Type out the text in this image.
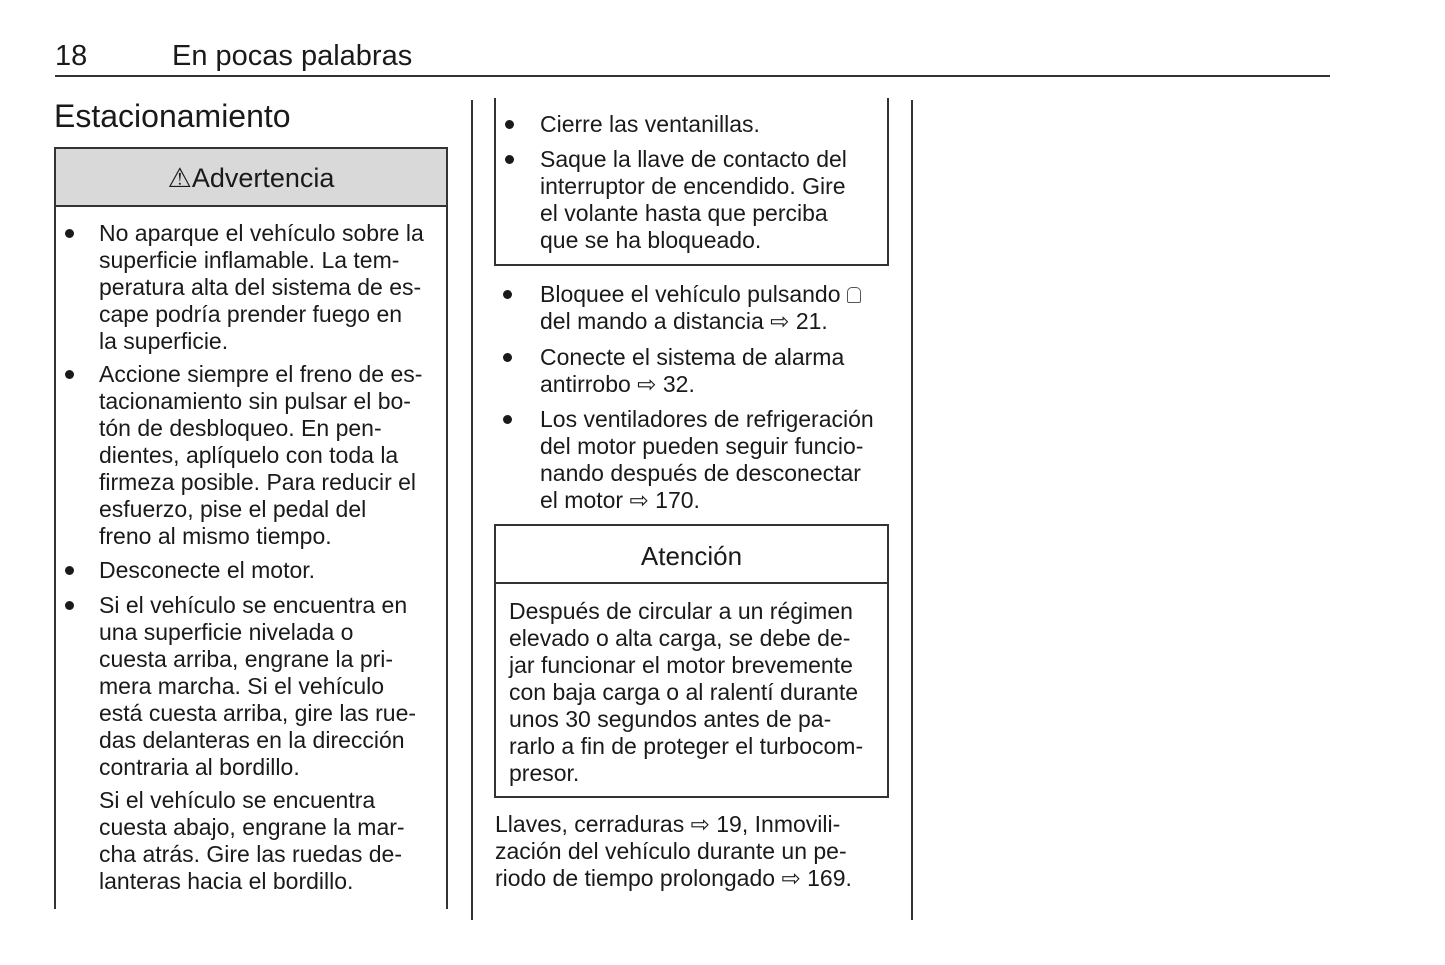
18	En pocas palabras
Estacionamiento
⚠Advertencia
No aparque el vehículo sobre la
superficie inflamable. La tem-
peratura alta del sistema de es-
cape podría prender fuego en
la superficie.
Accione siempre el freno de es-
tacionamiento sin pulsar el bo-
tón de desbloqueo. En pen-
dientes, aplíquelo con toda la
firmeza posible. Para reducir el
esfuerzo, pise el pedal del
freno al mismo tiempo.
Desconecte el motor.
Si el vehículo se encuentra en
una superficie nivelada o
cuesta arriba, engrane la pri-
mera marcha. Si el vehículo
está cuesta arriba, gire las rue-
das delanteras en la dirección
contraria al bordillo.
Si el vehículo se encuentra
cuesta abajo, engrane la mar-
cha atrás. Gire las ruedas de-
lanteras hacia el bordillo.
Cierre las ventanillas.
Saque la llave de contacto del
interruptor de encendido. Gire
el volante hasta que perciba
que se ha bloqueado.
Bloquee el vehículo pulsando
del mando a distancia ⇨ 21.
Conecte el sistema de alarma
antirrobo ⇨ 32.
Los ventiladores de refrigeración
del motor pueden seguir funcio-
nando después de desconectar
el motor ⇨ 170.
Atención
Después de circular a un régimen
elevado o alta carga, se debe de-
jar funcionar el motor brevemente
con baja carga o al ralentí durante
unos 30 segundos antes de pa-
rarlo a fin de proteger el turbocom-
presor.
Llaves, cerraduras ⇨ 19, Inmovili-
zación del vehículo durante un pe-
riodo de tiempo prolongado ⇨ 169.
